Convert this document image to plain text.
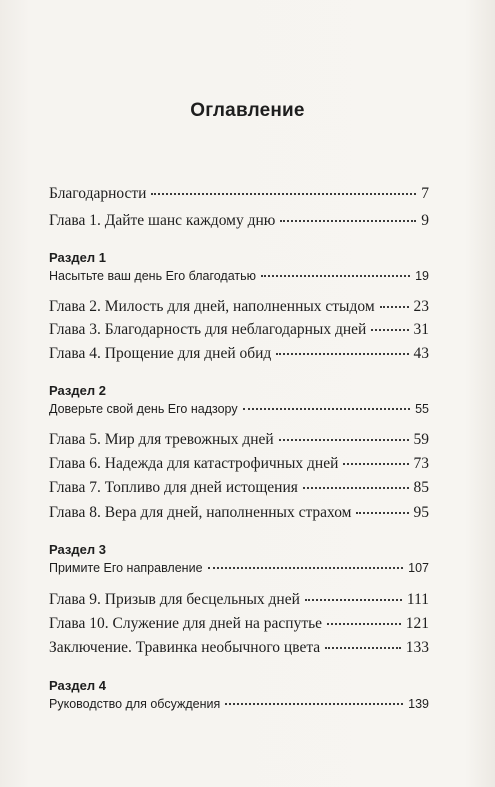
Оглавление
Благодарности	7
Глава 1. Дайте шанс каждому дню	9
Раздел 1
Насытьте ваш день Его благодатью	19
Глава 2. Милость для дней, наполненных стыдом	23
Глава 3. Благодарность для неблагодарных дней	31
Глава 4. Прощение для дней обид	43
Раздел 2
Доверьте свой день Его надзору	55
Глава 5. Мир для тревожных дней	59
Глава 6. Надежда для катастрофичных дней	73
Глава 7. Топливо для дней истощения	85
Глава 8. Вера для дней, наполненных страхом	95
Раздел 3
Примите Его направление	107
Глава 9. Призыв для бесцельных дней	111
Глава 10. Служение для дней на распутье	121
Заключение. Травинка необычного цвета	133
Раздел 4
Руководство для обсуждения	139
